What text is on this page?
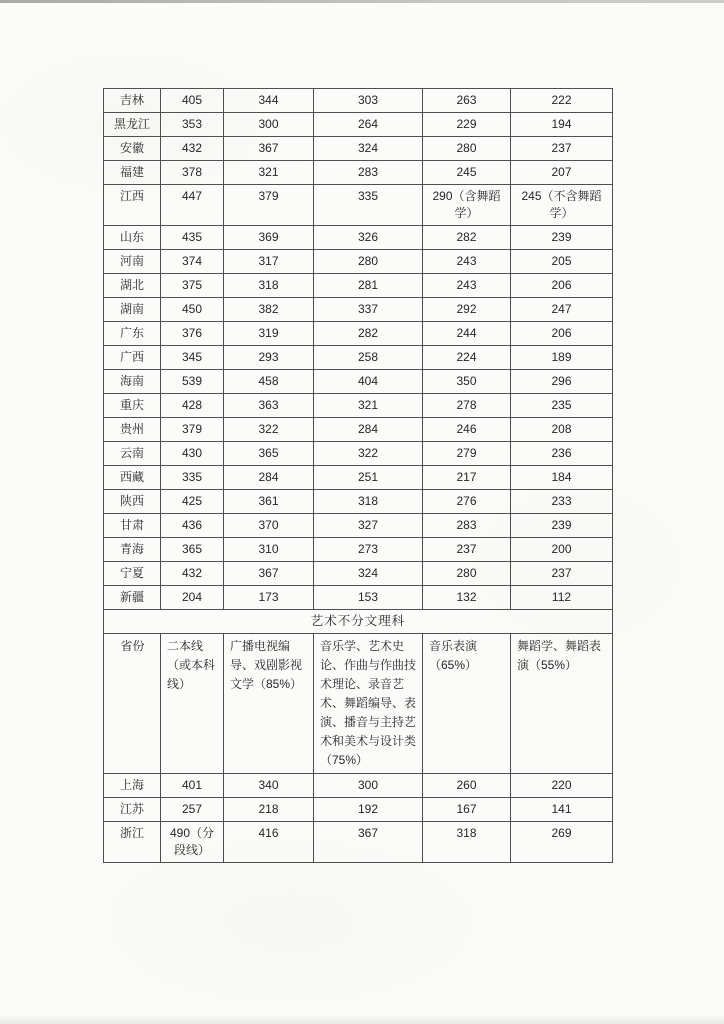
吉林	405	344	303	263	222
黑龙江	353	300	264	229	194
安徽	432	367	324	280	237
福建	378	321	283	245	207
江西	447	379	335	290（含舞蹈学）	245（不含舞蹈学）
山东	435	369	326	282	239
河南	374	317	280	243	205
湖北	375	318	281	243	206
湖南	450	382	337	292	247
广东	376	319	282	244	206
广西	345	293	258	224	189
海南	539	458	404	350	296
重庆	428	363	321	278	235
贵州	379	322	284	246	208
云南	430	365	322	279	236
西藏	335	284	251	217	184
陕西	425	361	318	276	233
甘肃	436	370	327	283	239
青海	365	310	273	237	200
宁夏	432	367	324	280	237
新疆	204	173	153	132	112
艺术不分文理科					
省份	二本线（或本科线）	广播电视编导、戏剧影视文学（85%）	音乐学、艺术史论、作曲与作曲技术理论、录音艺术、舞蹈编导、表演、播音与主持艺术和美术与设计类（75%）	音乐表演（65%）	舞蹈学、舞蹈表演（55%）
上海	401	340	300	260	220
江苏	257	218	192	167	141
浙江	490（分段线）	416	367	318	269
